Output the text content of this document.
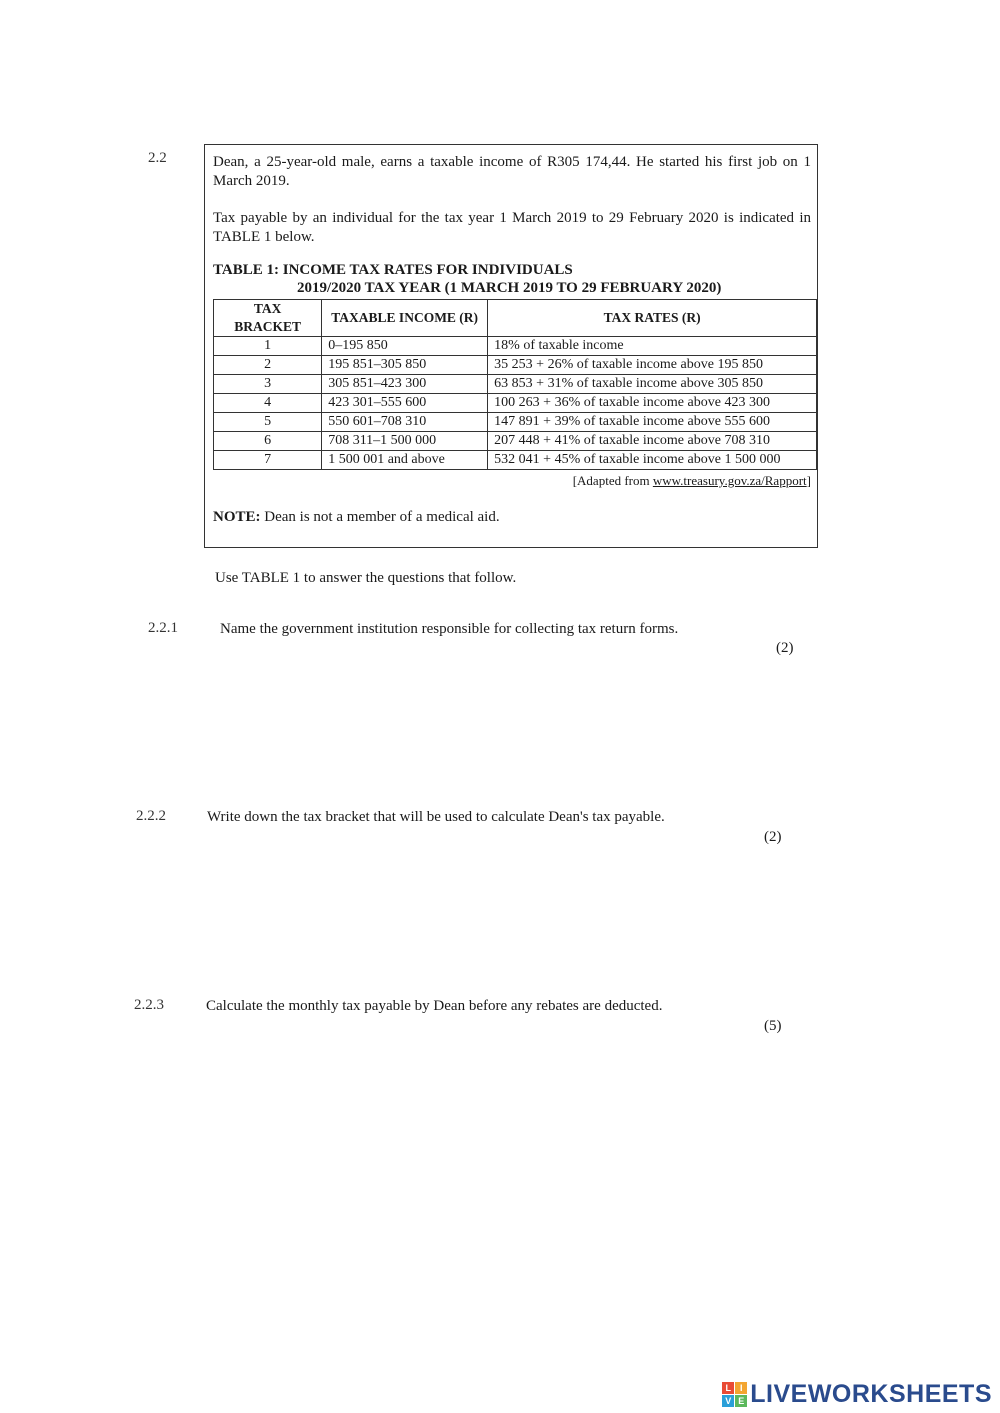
2.2	Dean, a 25-year-old male, earns a taxable income of R305 174,44. He started his first job on 1 March 2019.

Tax payable by an individual for the tax year 1 March 2019 to 29 February 2020 is indicated in TABLE 1 below.

TABLE 1: INCOME TAX RATES FOR INDIVIDUALS
2019/2020 TAX YEAR (1 MARCH 2019 TO 29 FEBRUARY 2020)
TAX BRACKET	TAXABLE INCOME (R)	TAX RATES (R)
1	0–195 850	18% of taxable income
2	195 851–305 850	35 253 + 26% of taxable income above 195 850
3	305 851–423 300	63 853 + 31% of taxable income above 305 850
4	423 301–555 600	100 263 + 36% of taxable income above 423 300
5	550 601–708 310	147 891 + 39% of taxable income above 555 600
6	708 311–1 500 000	207 448 + 41% of taxable income above 708 310
7	1 500 001 and above	532 041 + 45% of taxable income above 1 500 000
[Adapted from www.treasury.gov.za/Rapport]
NOTE: Dean is not a member of a medical aid.
Use TABLE 1 to answer the questions that follow.
2.2.1	Name the government institution responsible for collecting tax return forms.
(2)
2.2.2	Write down the tax bracket that will be used to calculate Dean's tax payable.
(2)
2.2.3	Calculate the monthly tax payable by Dean before any rebates are deducted.
(5)
L I
V E LIVEWORKSHEETS
